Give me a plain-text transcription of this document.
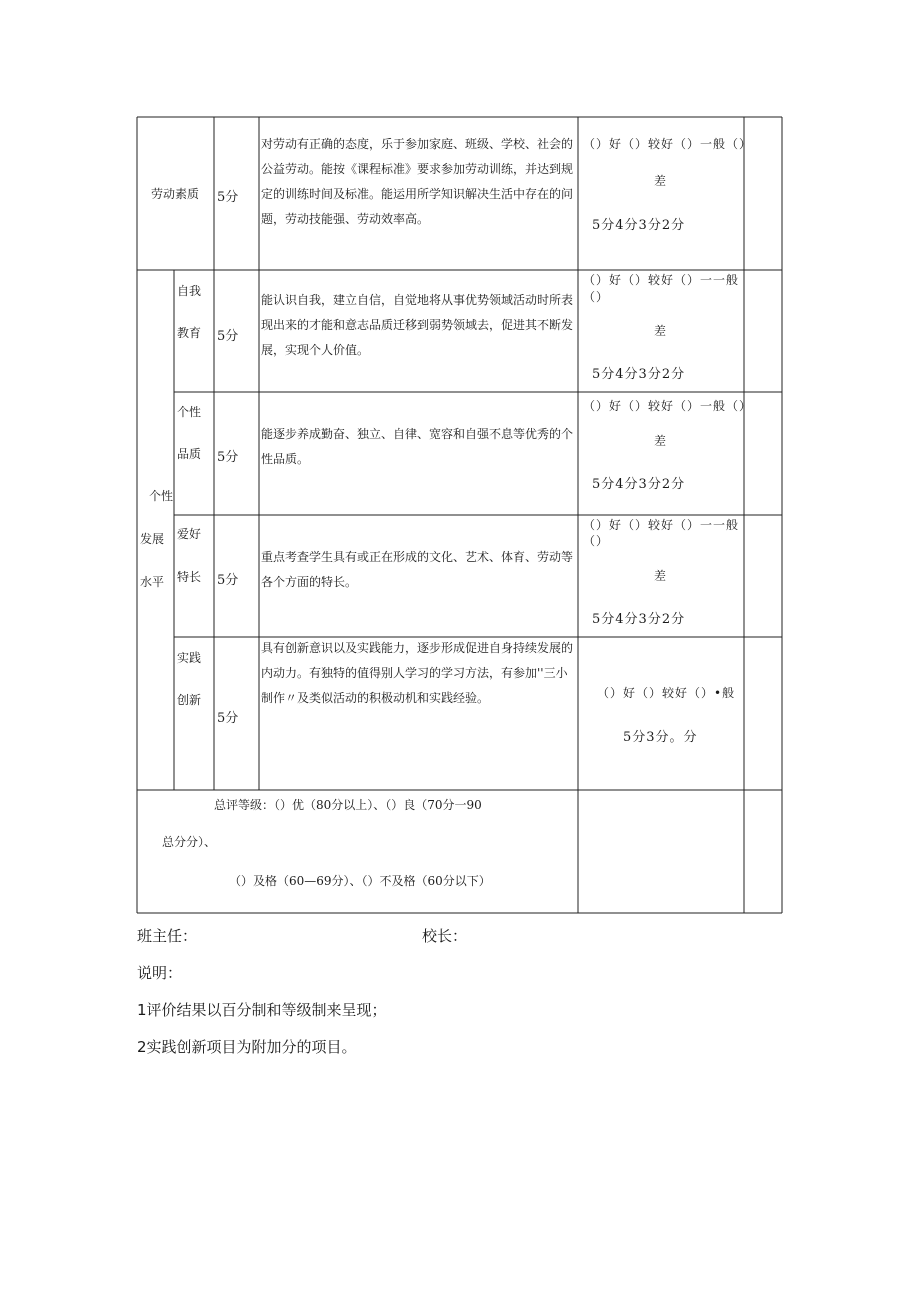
劳动素质 5分
对劳动有正确的态度，乐于参加家庭、班级、学校、社会的公益劳动。能按《课程标准》要求参加劳动训练，并达到规定的训练时间及标准。能运用所学知识解决生活中存在的问题，劳动技能强、劳动效率高。
（）好（）较好（）一般（）
差
5分4分3分2分
个性
发展
水平
自我
教育 5分
能认识自我，建立自信，自觉地将从事优势领域活动时所表现出来的才能和意志品质迁移到弱势领域去，促进其不断发展，实现个人价值。
（）好（）较好（）一一般
（）
差
5分4分3分2分
个性
品质 5分
能逐步养成勤奋、独立、自律、宽容和自强不息等优秀的个性品质。
（）好（）较好（）一般（）
差
5分4分3分2分
爱好
特长 5分
重点考查学生具有或正在形成的文化、艺术、体育、劳动等各个方面的特长。
（）好（）较好（）一一般
（）
差
5分4分3分2分
实践
创新
5分
具有创新意识以及实践能力，逐步形成促进自身持续发展的内动力。有独特的值得别人学习的学习方法，有参加''三小制作〃及类似活动的积极动机和实践经验。	（）好（）较好（）•般
5分3分。分
总评等级：（）优（80分以上）、（）良（70分一90
总分分）、
（）及格（60—69分）、（）不及格（60分以下）
班主任：	校长：
说明：
1评价结果以百分制和等级制来呈现；
2实践创新项目为附加分的项目。
